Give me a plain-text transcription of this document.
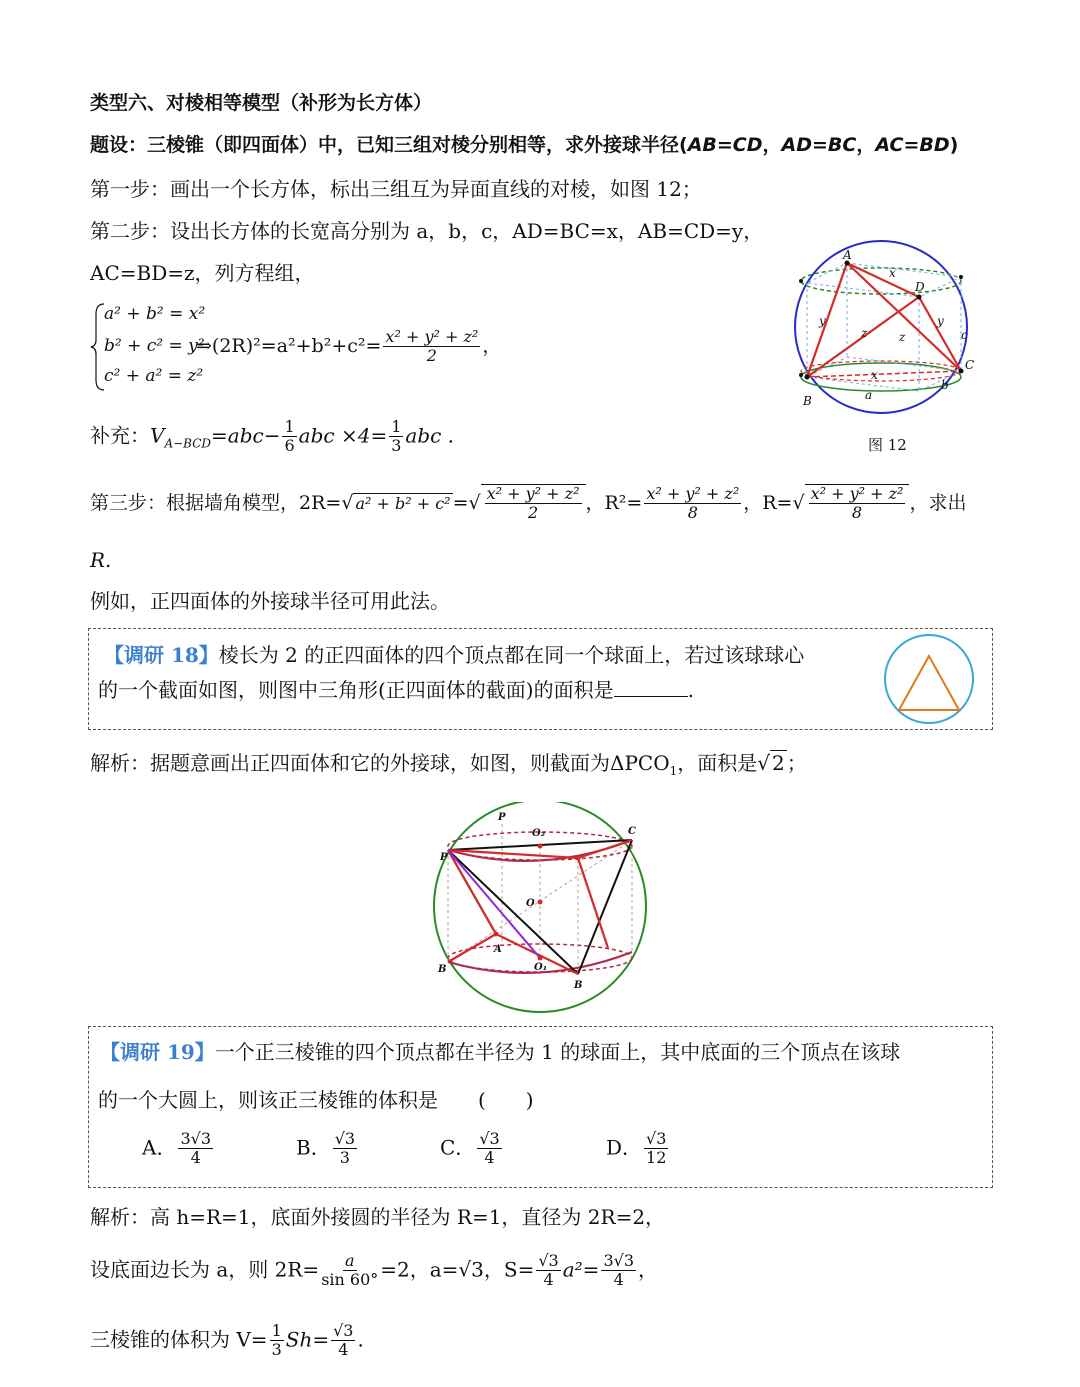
类型六、对棱相等模型（补形为长方体）
题设：三棱锥（即四面体）中，已知三组对棱分别相等，求外接球半径(AB=CD，AD=BC，AC=BD)
第一步：画出一个长方体，标出三组互为异面直线的对棱，如图 12；
第二步：设出长方体的长宽高分别为 a，b，c，AD=BC=x，AB=CD=y，
AC=BD=z，列方程组，
a² + b² = x²
b² + c² = y²
c² + a² = z²
⇒(2R)²=a²+b²+c²= $\frac{\text{x² + y² + z²}}{2}$ ，
补充：$V_{A-BCD}=abc- \frac{1}{6}$ abc $\times 4= \frac{1}{3}$ abc .
A
D
C
B
x
x
y	y
z	z	c
b
a
图 12
第三步：根据墙角模型，2R=√ a² + b² + c² =√ $\frac{\text{x² + y² + z²}}{2}$ ，$R^2= \frac{\text{x² + y² + z²}}{8}$ ，$R=√ \frac{\text{x² + y² + z²}}{8}$ ，求出
R.
例如，正四面体的外接球半径可用此法。
【调研 18】棱长为 2 的正四面体的四个顶点都在同一个球面上，若过该球球心
的一个截面如图，则图中三角形(正四面体的截面)的面积是	.
解析：据题意画出正四面体和它的外接球，如图，则截面为$\Delta PCO_1$，面积是√ 2 ；
P
P
C
O₂
O
A
O₁
B
B
【调研 19】一个正三棱锥的四个顶点都在半径为 1 的球面上，其中底面的三个顶点在该球
的一个大圆上，则该正三棱锥的体积是 (　　)
A． $\frac{3√3}{4}$	B． $\frac{√3}{3}$	C． $\frac{√3}{4}$	D． $\frac{√3}{12}$
解析：高 h=R=1，底面外接圆的半径为 R=1，直径为 2R=2，
设底面边长为 a，则 $2R= \frac{a}{\sin 60^\circ} =2$，a=√3，$S= \frac{√3}{4} a^2= \frac{3√3}{4}$ ，
三棱锥的体积为 $V= \frac{1}{3} Sh= \frac{√3}{4}$ .
